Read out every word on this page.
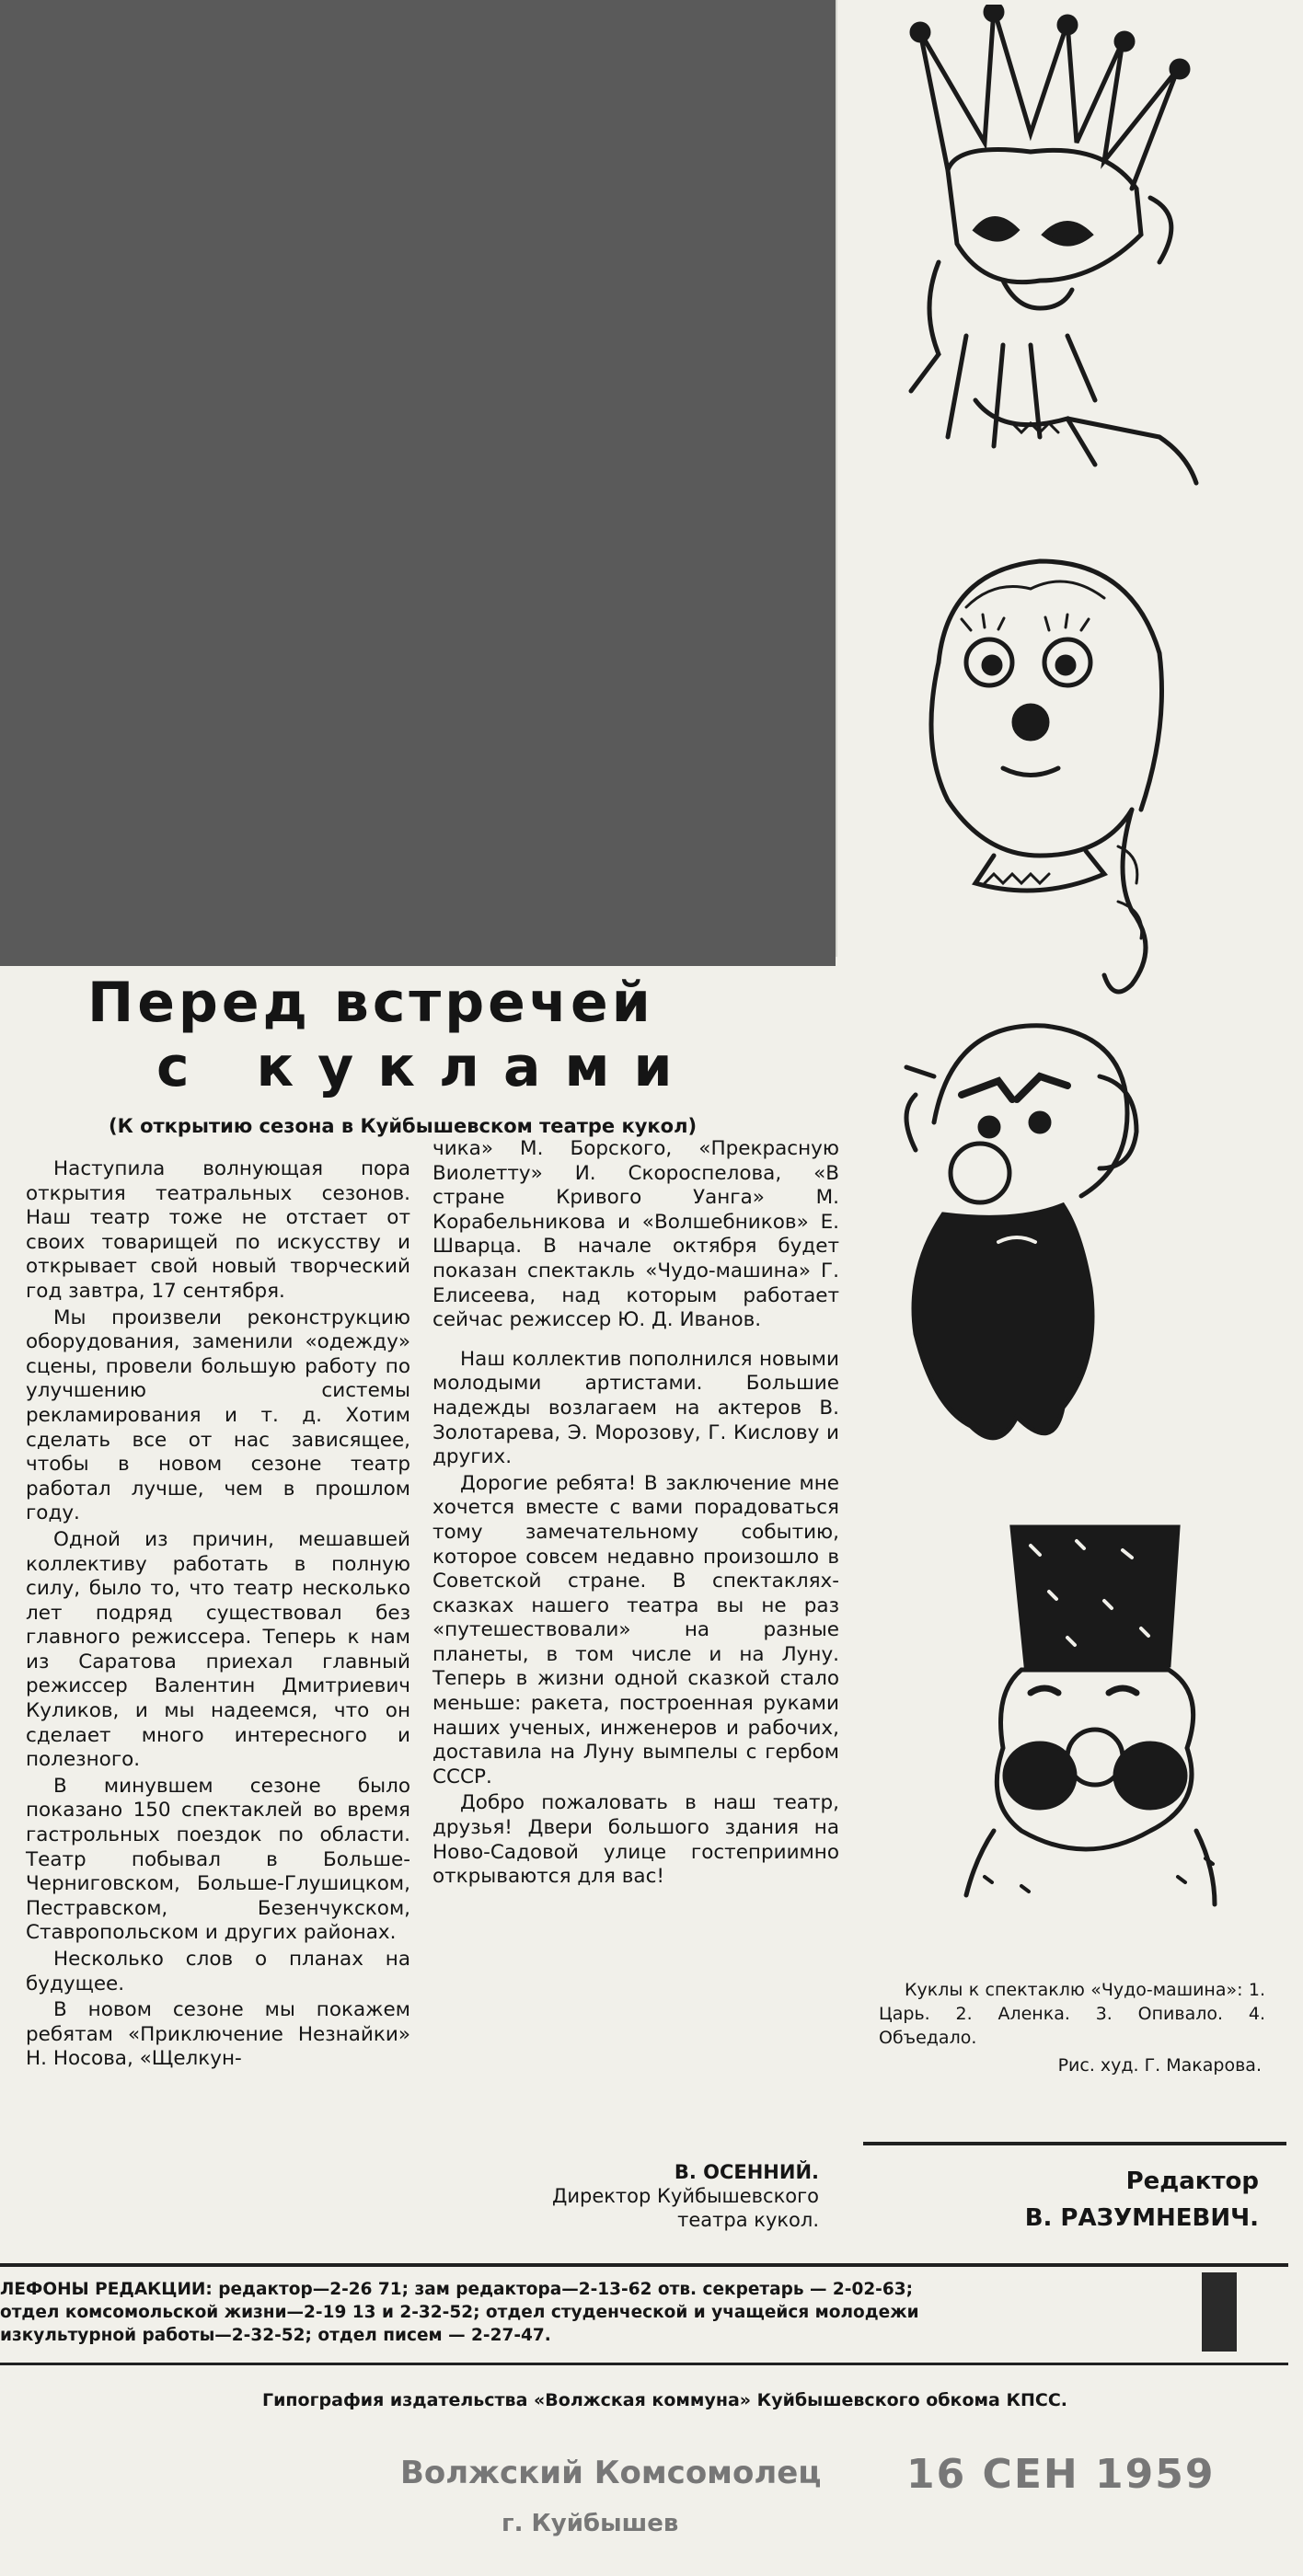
Перед встречей
с куклами
(К открытию сезона в Куйбышевском театре кукол)

Наступила волнующая пора открытия театральных сезонов. Наш театр тоже не отстает от своих товарищей по искусству и открывает свой новый творческий год завтра, 17 сентября.

Мы произвели реконструкцию оборудования, заменили «одежду» сцены, провели большую работу по улучшению системы рекламирования и т. д. Хотим сделать все от нас зависящее, чтобы в новом сезоне театр работал лучше, чем в прошлом году.

Одной из причин, мешавшей коллективу работать в полную силу, было то, что театр несколько лет подряд существовал без главного режиссера. Теперь к нам из Саратова приехал главный режиссер Валентин Дмитриевич Куликов, и мы надеемся, что он сделает много интересного и полезного.

В минувшем сезоне было показано 150 спектаклей во время гастрольных поездок по области. Театр побывал в Больше-Черниговском, Больше-Глушицком, Пестравском, Безенчукском, Ставропольском и других районах.

Несколько слов о планах на будущее.

В новом сезоне мы покажем ребятам «Приключение Незнайки» Н. Носова, «Щелкун-

чика» М. Борского, «Прекрасную Виолетту» И. Скороспелова, «В стране Кривого Уанга» М. Корабельникова и «Волшебников» Е. Шварца. В начале октября будет показан спектакль «Чудо-машина» Г. Елисеева, над которым работает сейчас режиссер Ю. Д. Иванов.

Наш коллектив пополнился новыми молодыми артистами. Большие надежды возлагаем на актеров В. Золотарева, Э. Морозову, Г. Кислову и других.

Дорогие ребята! В заключение мне хочется вместе с вами порадоваться тому замечательному событию, которое совсем недавно произошло в Советской стране. В спектаклях-сказках нашего театра вы не раз «путешествовали» на разные планеты, в том числе и на Луну. Теперь в жизни одной сказкой стало меньше: ракета, построенная руками наших ученых, инженеров и рабочих, доставила на Луну вымпелы с гербом СССР.

Добро пожаловать в наш театр, друзья! Двери большого здания на Ново-Садовой улице гостеприимно открываются для вас!

В. ОСЕННИЙ.
Директор Куйбышевского
театра кукол.
Куклы к спектаклю «Чудо-машина»: 1. Царь. 2. Аленка. 3. Опивало. 4. Объедало.
Рис. худ. Г. Макарова.
Редактор
В. РАЗУМНЕВИЧ.
ЛЕФОНЫ РЕДАКЦИИ: редактор—2-26 71; зам редактора—2-13-62 отв. секретарь — 2-02-63;
отдел комсомольской жизни—2-19 13 и 2-32-52; отдел студенческой и учащейся молодежи
изкультурной работы—2-32-52; отдел писем — 2-27-47.
Гипография издательства «Волжская коммуна» Куйбышевского обкома КПСС.
Волжский Комсомолец
г. Куйбышев
16 СЕН 1959
